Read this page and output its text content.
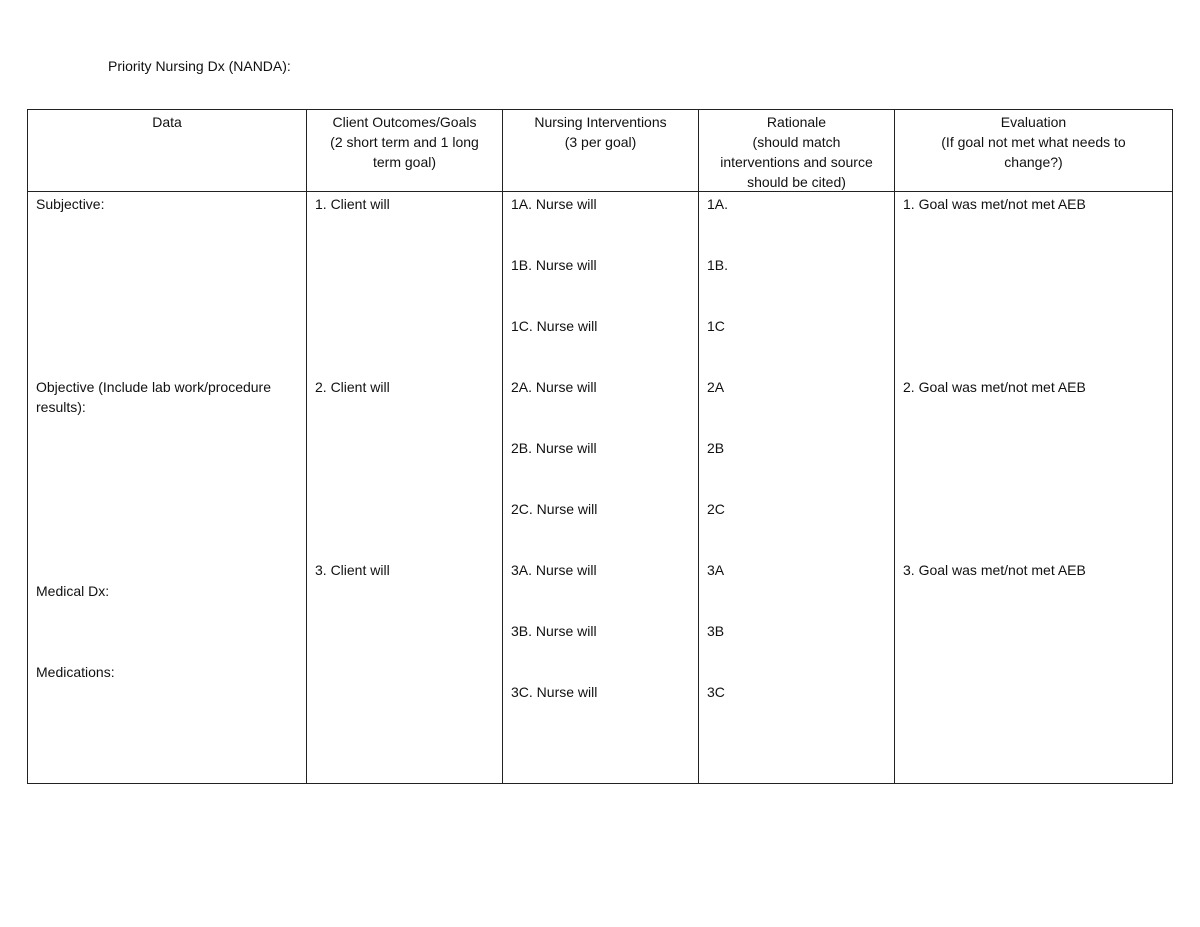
Priority Nursing Dx (NANDA):
Data
Subjective:
Objective (Include lab work/procedure results):
Medical Dx:
Medications:
Client Outcomes/Goals
(2 short term and 1 long
term goal)
1. Client will
2. Client will
3. Client will
Nursing Interventions
(3 per goal)
1A. Nurse will
1B. Nurse will
1C. Nurse will
2A. Nurse will
2B. Nurse will
2C. Nurse will
3A. Nurse will
3B. Nurse will
3C. Nurse will
Rationale
(should match
interventions and source
should be cited)
1A.
1B.
1C
2A
2B
2C
3A
3B
3C
Evaluation
(If goal not met what needs to
change?)
1. Goal was met/not met AEB
2. Goal was met/not met AEB
3. Goal was met/not met AEB
